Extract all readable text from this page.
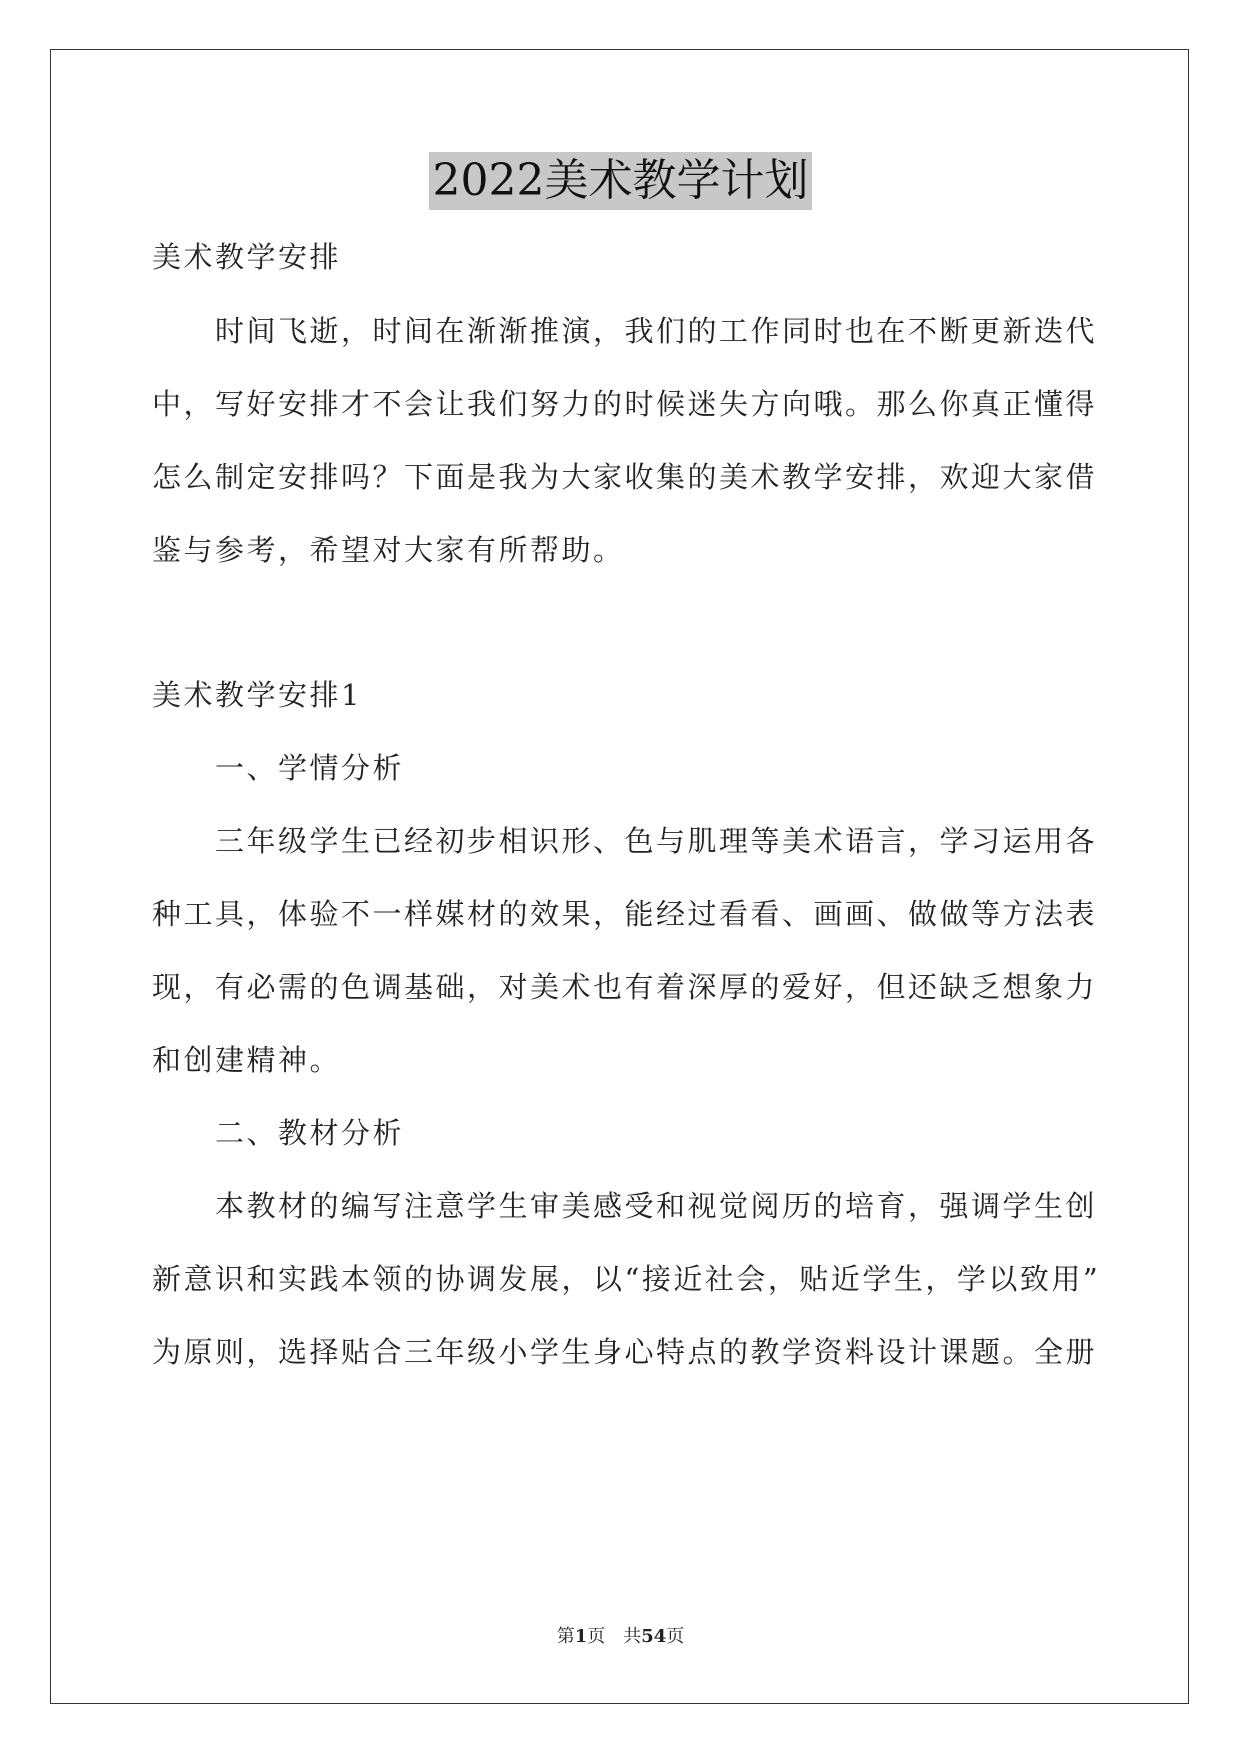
2022美术教学计划
美术教学安排
时间飞逝，时间在渐渐推演，我们的工作同时也在不断更新迭代
中，写好安排才不会让我们努力的时候迷失方向哦。那么你真正懂得
怎么制定安排吗？下面是我为大家收集的美术教学安排，欢迎大家借
鉴与参考，希望对大家有所帮助。
美术教学安排1
一、学情分析
三年级学生已经初步相识形、色与肌理等美术语言，学习运用各
种工具，体验不一样媒材的效果，能经过看看、画画、做做等方法表
现，有必需的色调基础，对美术也有着深厚的爱好，但还缺乏想象力
和创建精神。
二、教材分析
本教材的编写注意学生审美感受和视觉阅历的培育，强调学生创
新意识和实践本领的协调发展，以“接近社会，贴近学生，学以致用”
为原则，选择贴合三年级小学生身心特点的教学资料设计课题。全册
第1页　共54页
